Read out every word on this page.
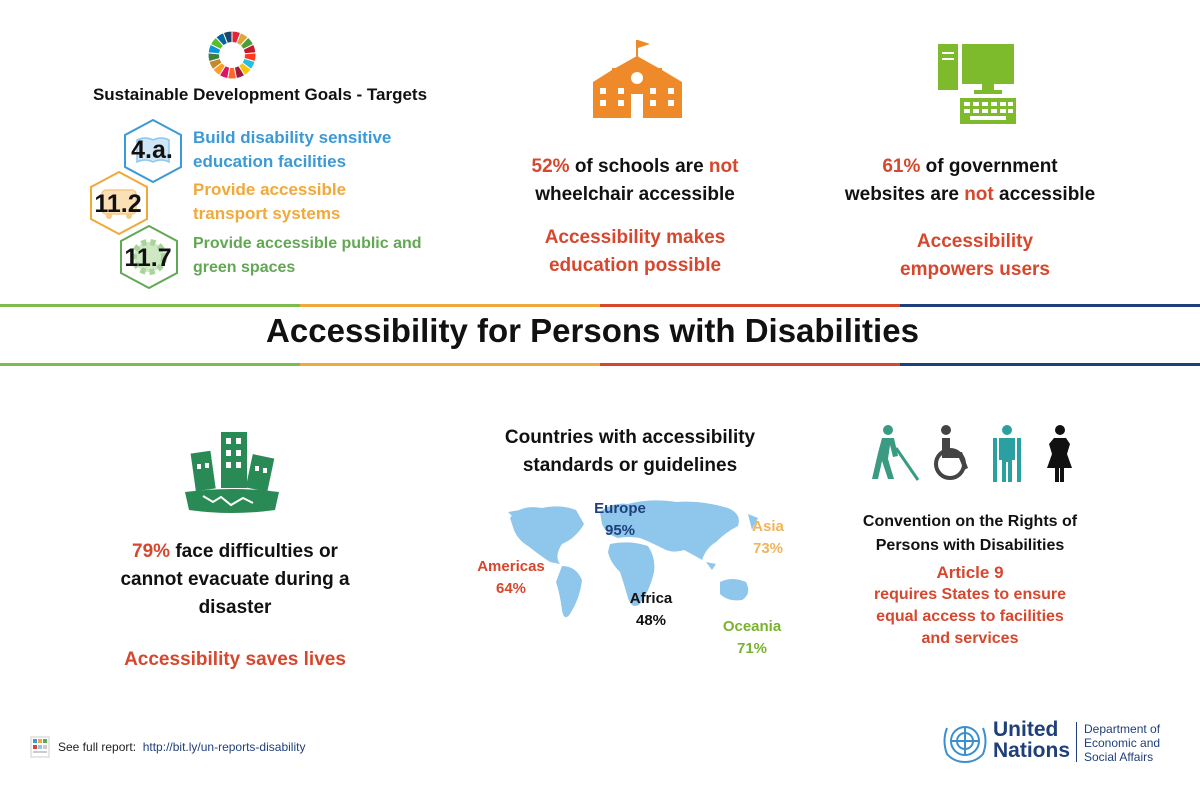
Sustainable Development Goals - Targets
4.a.
11.2
11.7
Build disability sensitive education facilities
Provide accessible transport systems
Provide accessible public and green spaces
52% of schools are not
wheelchair accessible
Accessibility makes education possible
61% of government
websites are not accessible
Accessibility empowers users
Accessibility for Persons with Disabilities
79% face difficulties or
cannot evacuate during a
disaster
Accessibility saves lives
Countries with accessibility standards or guidelines
Europe
95%	Asia
73%
Americas
64%
Africa
48%	Oceania
71%
Convention on the Rights of
Persons with Disabilities
Article 9
requires States to ensure
equal access to facilities
and services
See full report: http://bit.ly/un-reports-disability
United
Nations
Department of
Economic and
Social Affairs
